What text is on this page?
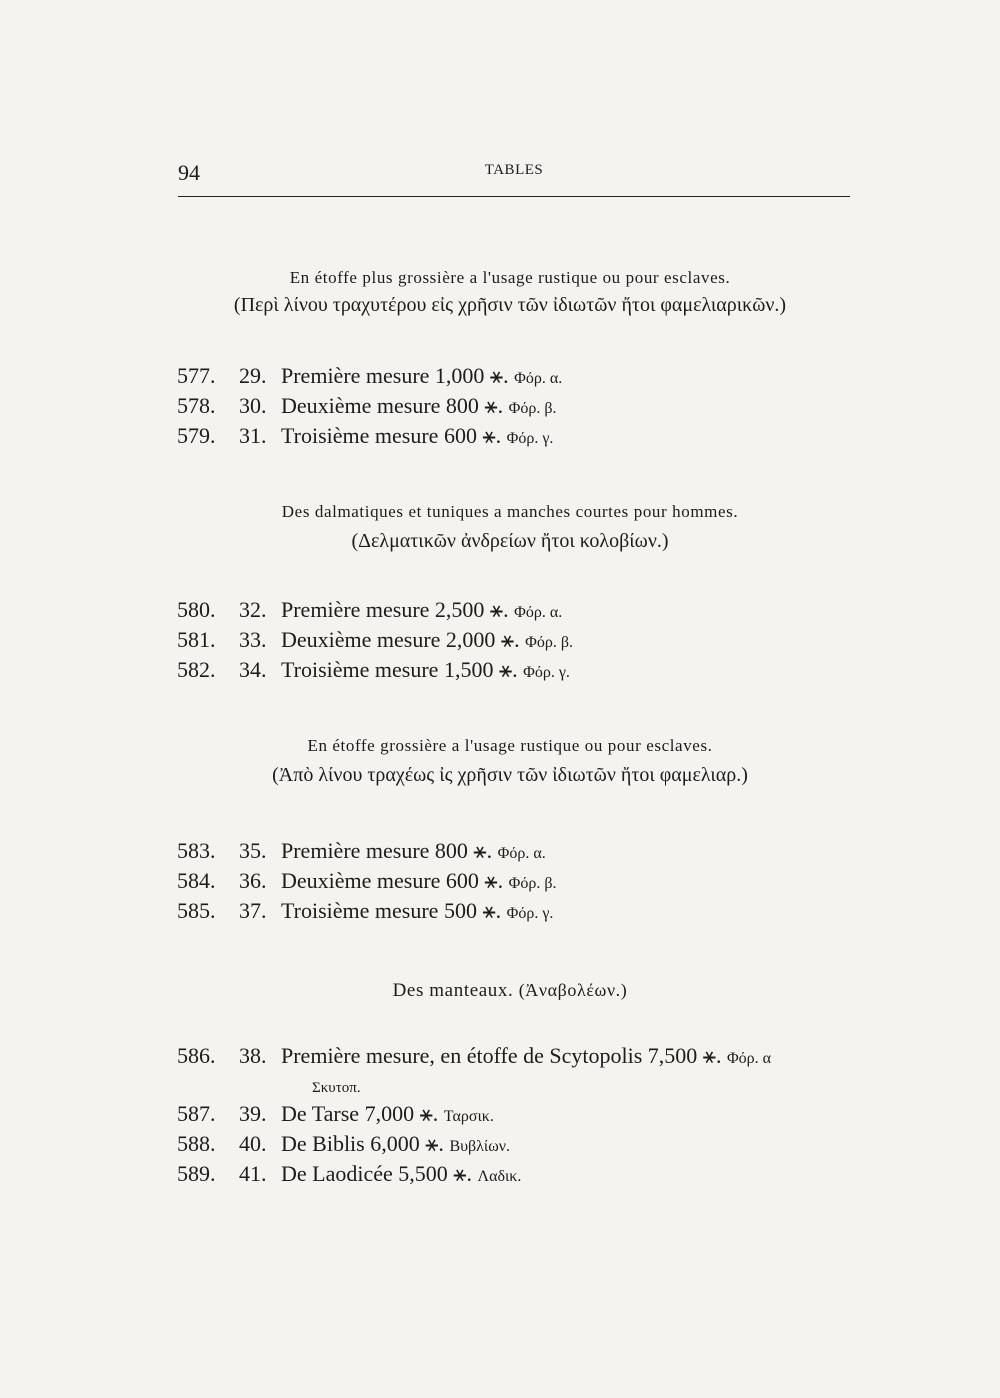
94	TABLES
En étoffe plus grossière a l'usage rustique ou pour esclaves.
(Περὶ λίνου τραχυτέρου εἰς χρῆσιν τῶν ἰδιωτῶν ἤτοι φαμελιαρικῶν.)
577. 29. Première mesure 1,000 ⚹. Φόρ. α.
578. 30. Deuxième mesure 800 ⚹. Φόρ. β.
579. 31. Troisième mesure 600 ⚹. Φόρ. γ.
Des dalmatiques et tuniques a manches courtes pour hommes.
(Δελματικῶν ἀνδρείων ἤτοι κολοβίων.)
580. 32. Première mesure 2,500 ⚹. Φόρ. α.
581. 33. Deuxième mesure 2,000 ⚹. Φόρ. β.
582. 34. Troisième mesure 1,500 ⚹. Φόρ. γ.
En étoffe grossière a l'usage rustique ou pour esclaves.
(Ἀπὸ λίνου τραχέως ἰς χρῆσιν τῶν ἰδιωτῶν ἤτοι φαμελιαρ.)
583. 35. Première mesure 800 ⚹. Φόρ. α.
584. 36. Deuxième mesure 600 ⚹. Φόρ. β.
585. 37. Troisième mesure 500 ⚹. Φόρ. γ.
Des manteaux. (Ἀναβολέων.)
586. 38. Première mesure, en étoffe de Scytopolis 7,500 ⚹. Φόρ. α
Σκυτοπ.
587. 39. De Tarse 7,000 ⚹. Ταρσικ.
588. 40. De Biblis 6,000 ⚹. Βυβλίων.
589. 41. De Laodicée 5,500 ⚹. Λαδικ.
